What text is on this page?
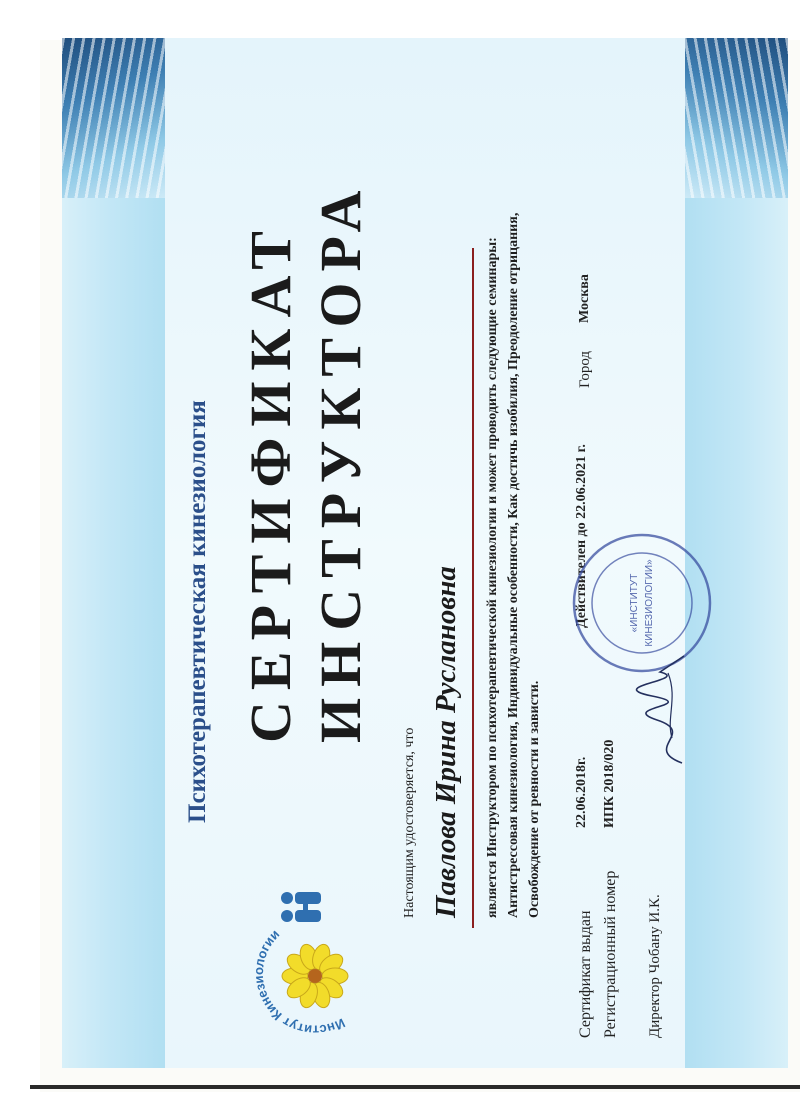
Психотерапевтическая кинезиология СЕРТИФИКАТ ИНСТРУКТОРА
Настоящим удостоверяется, что Павлова Ирина Руслановна является Инструктором по психотерапевтической кинезиологии и может проводить следующие семинары: Антистрессовая кинезиология, Индивидуальные особенности, Как достичь изобилия, Преодоление отрицания, Освобождение от ревности и зависти.
Сертификат выдан
22.06.2018г.
Действителен до 22.06.2021 г.
Город
Москва
Регистрационный номер
ИПК 2018/020
Директор Чобану И.К.
Институт Кинезиологии
«ИНСТИТУТ КИНЕЗИОЛОГИИ»
